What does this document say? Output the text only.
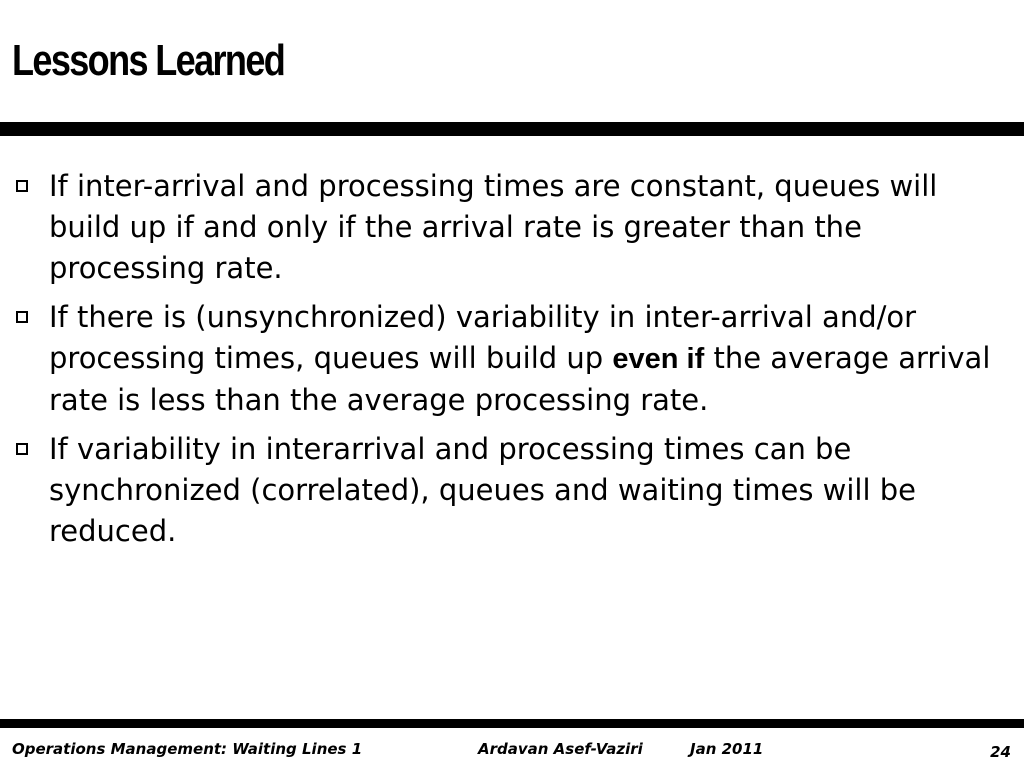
Lessons Learned
If inter-arrival and processing times are constant, queues will build up if and only if the arrival rate is greater than the processing rate.
If there is (unsynchronized) variability in inter-arrival and/or processing times, queues will build up even if the average arrival rate is less than the average processing rate.
If variability in interarrival and processing times can be synchronized (correlated), queues and waiting times will be reduced.
Operations Management: Waiting Lines 1	Ardavan Asef-Vaziri	Jan 2011	24
